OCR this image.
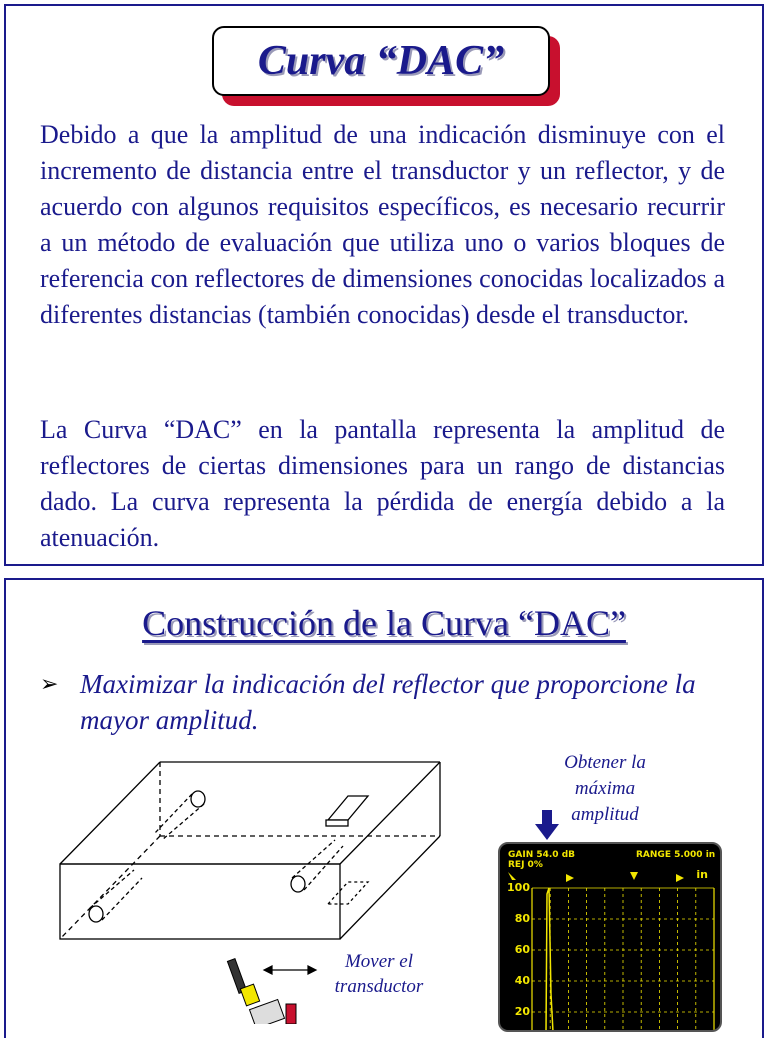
Curva “DAC”

Debido a que la amplitud de una indicación disminuye con el incremento de distancia entre el transductor y un reflector, y de acuerdo con algunos requisitos específicos, es necesario recurrir a un método de evaluación que utiliza uno o varios bloques de referencia con reflectores de dimensiones conocidas localizados a diferentes distancias (también conocidas) desde el transductor.

La Curva “DAC” en la pantalla representa la amplitud de reflectores de ciertas dimensiones para un rango de distancias dado. La curva representa la pérdida de energía debido a la atenuación.

Construcción de la Curva “DAC”
➢ Maximizar la indicación del reflector que proporcione la mayor amplitud.
Obtener la máxima amplitud
Mover el transductor
GAIN 54.0 dB
REJ 0%
RANGE 5.000 in
in
100
80
60
40
20
